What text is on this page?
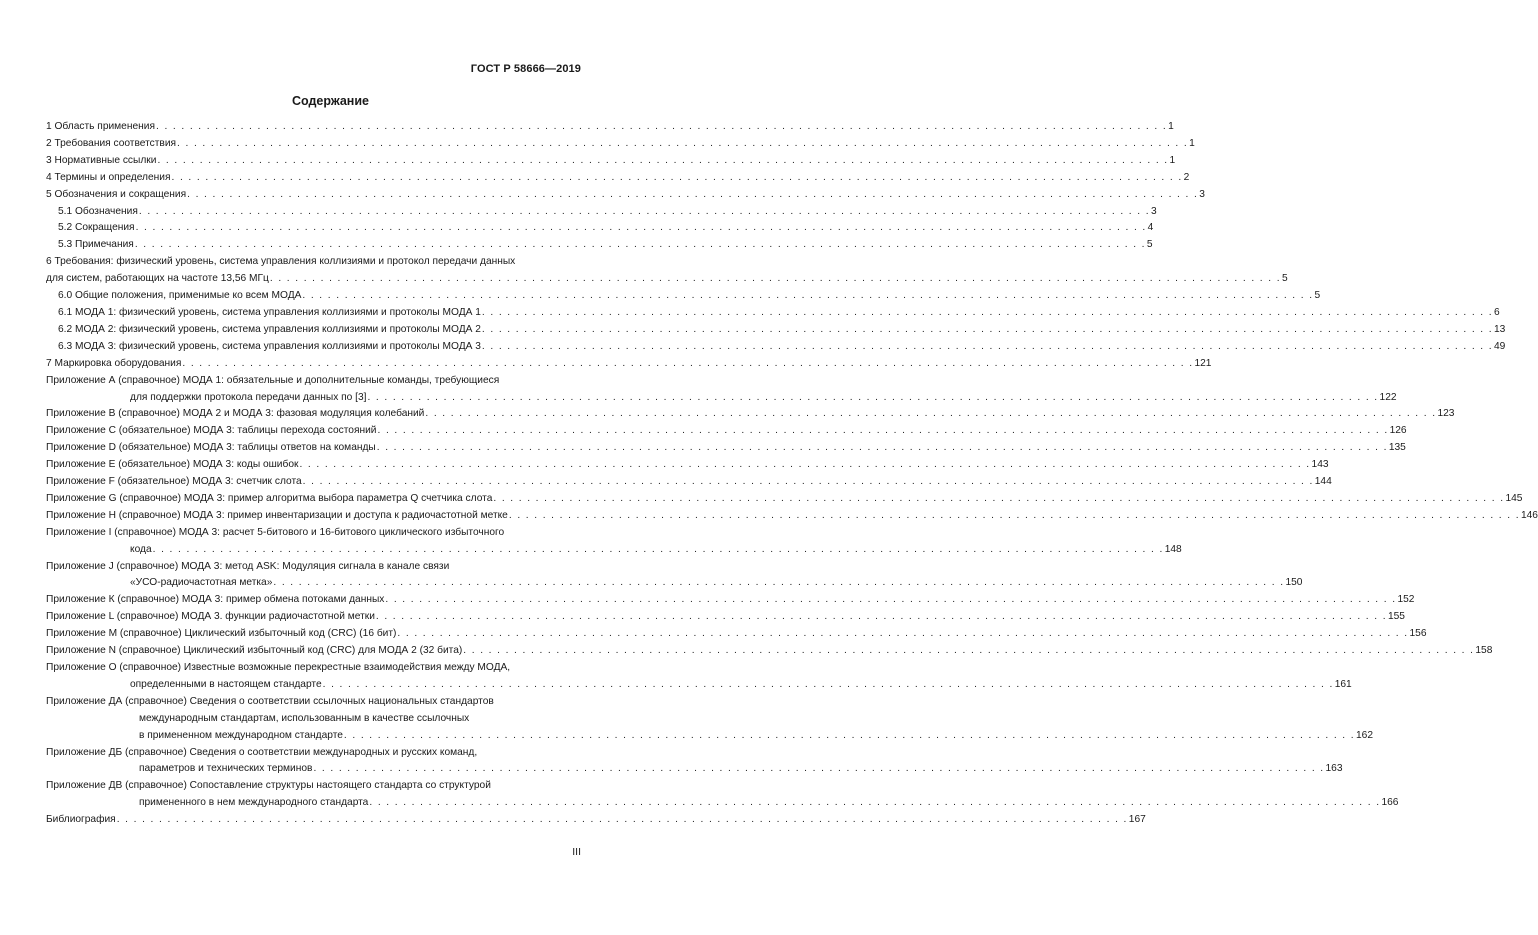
ГОСТ Р 58666—2019
Содержание
1 Область применения . . .	1
2 Требования соответствия . . .	1
3 Нормативные ссылки . . .	1
4 Термины и определения . . .	2
5 Обозначения и сокращения . . .	3
5.1 Обозначения . . .	3
5.2 Сокращения . . .	4
5.3 Примечания . . .	5
6 Требования: физический уровень, система управления коллизиями и протокол передачи данных
для систем, работающих на частоте 13,56 МГц . . .	5
6.0 Общие положения, применимые ко всем МОДА . . .	5
6.1 МОДА 1: физический уровень, система управления коллизиями и протоколы МОДА 1 . . .	6
6.2 МОДА 2: физический уровень, система управления коллизиями и протоколы МОДА 2 . . .	13
6.3 МОДА 3: физический уровень, система управления коллизиями и протоколы МОДА 3 . . .	49
7 Маркировка оборудования . . .	121
Приложение А (справочное) МОДА 1: обязательные и дополнительные команды, требующиеся
для поддержки протокола передачи данных по [3] . . .	122
Приложение В (справочное) МОДА 2 и МОДА 3: фазовая модуляция колебаний . . .	123
Приложение С (обязательное) МОДА 3: таблицы перехода состояний . . .	126
Приложение D (обязательное) МОДА 3: таблицы ответов на команды . . .	135
Приложение Е (обязательное) МОДА 3: коды ошибок . . .	143
Приложение F (обязательное) МОДА 3: счетчик слота . . .	144
Приложение G (справочное) МОДА 3: пример алгоритма выбора параметра Q счетчика слота . . .	145
Приложение Н (справочное) МОДА 3: пример инвентаризации и доступа к радиочастотной метке . . .	146
Приложение I (справочное) МОДА 3: расчет 5-битового и 16-битового циклического избыточного
кода . . .	148
Приложение J (справочное) МОДА 3: метод ASK: Модуляция сигнала в канале связи
«УСО-радиочастотная метка» . . .	150
Приложение К (справочное) МОДА 3: пример обмена потоками данных . . .	152
Приложение L (справочное) МОДА 3. функции радиочастотной метки . . .	155
Приложение М (справочное) Циклический избыточный код (CRC) (16 бит) . . .	156
Приложение N (справочное) Циклический избыточный код (CRC) для МОДА 2 (32 бита) . . .	158
Приложение О (справочное) Известные возможные перекрестные взаимодействия между МОДА,
определенными в настоящем стандарте . . .	161
Приложение ДА (справочное) Сведения о соответствии ссылочных национальных стандартов
международным стандартам, использованным в качестве ссылочных
в примененном международном стандарте . . .	162
Приложение ДБ (справочное) Сведения о соответствии международных и русских команд,
параметров и технических терминов . . .	163
Приложение ДВ (справочное) Сопоставление структуры настоящего стандарта со структурой
примененного в нем международного стандарта . . .	166
Библиография . . .	167
III
